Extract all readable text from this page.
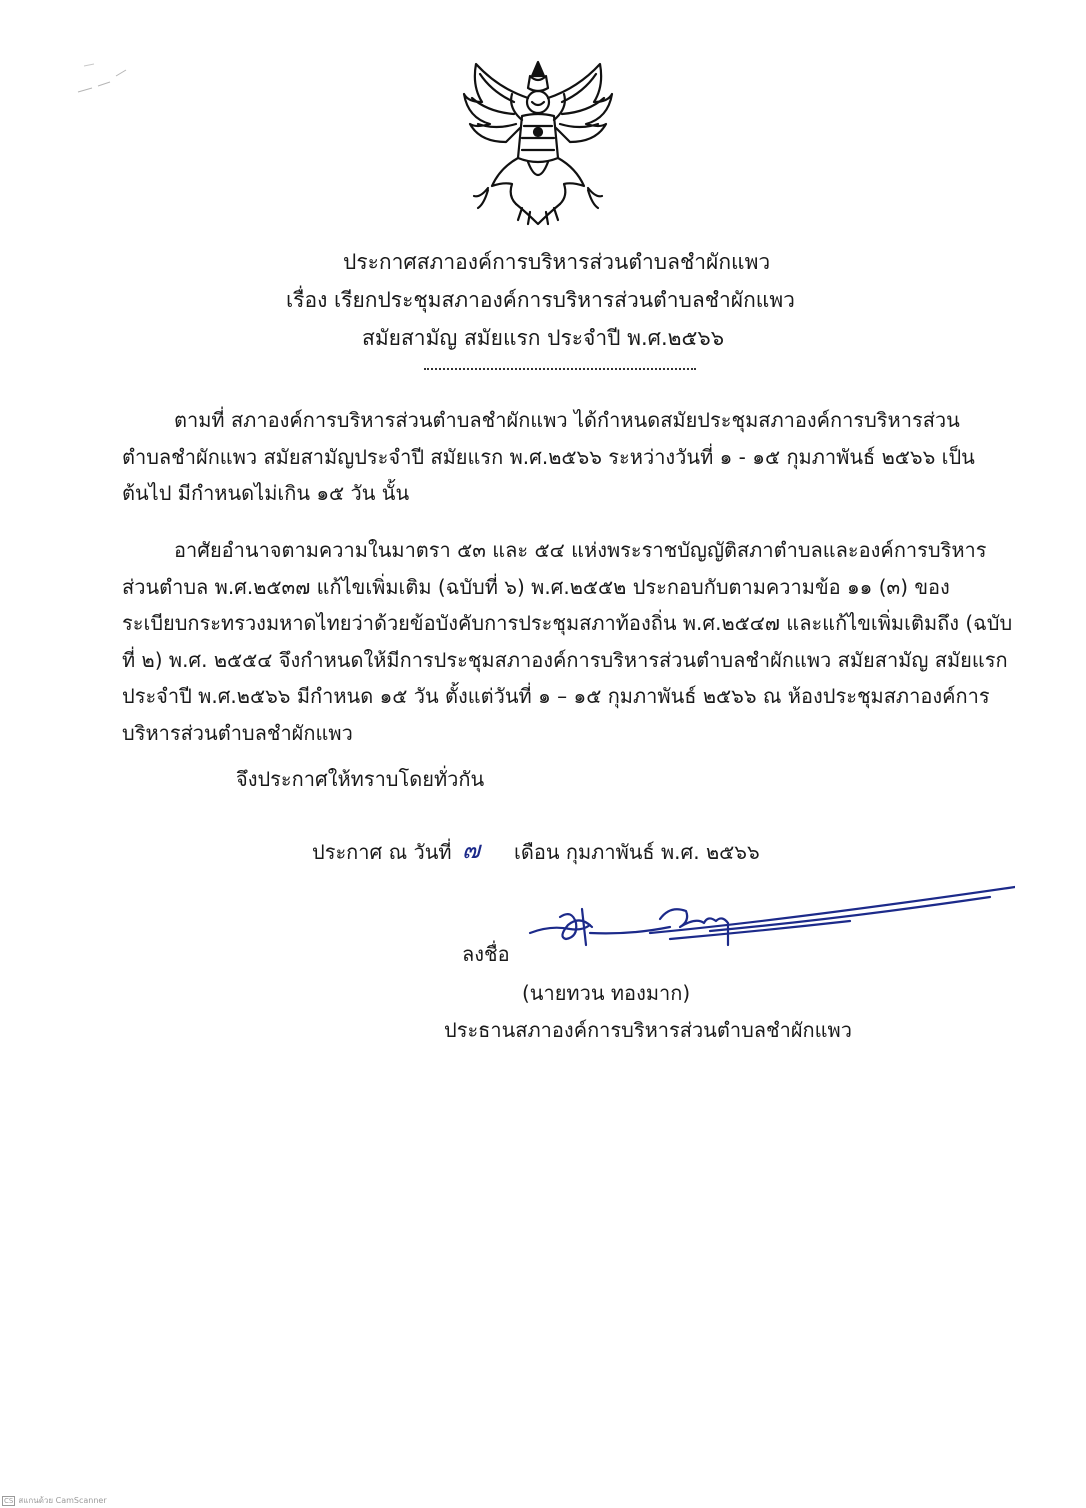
ประกาศสภาองค์การบริหารส่วนตำบลชำผักแพว
เรื่อง เรียกประชุมสภาองค์การบริหารส่วนตำบลชำผักแพว
สมัยสามัญ สมัยแรก ประจำปี พ.ศ.๒๕๖๖
ตามที่ สภาองค์การบริหารส่วนตำบลชำผักแพว ได้กำหนดสมัยประชุมสภาองค์การบริหารส่วน
ตำบลชำผักแพว สมัยสามัญประจำปี สมัยแรก พ.ศ.๒๕๖๖ ระหว่างวันที่ ๑ - ๑๕ กุมภาพันธ์ ๒๕๖๖ เป็น
ต้นไป มีกำหนดไม่เกิน ๑๕ วัน นั้น
อาศัยอำนาจตามความในมาตรา ๕๓ และ ๕๔ แห่งพระราชบัญญัติสภาตำบลและองค์การบริหาร
ส่วนตำบล พ.ศ.๒๕๓๗ แก้ไขเพิ่มเติม (ฉบับที่ ๖) พ.ศ.๒๕๕๒ ประกอบกับตามความข้อ ๑๑ (๓) ของ
ระเบียบกระทรวงมหาดไทยว่าด้วยข้อบังคับการประชุมสภาท้องถิ่น พ.ศ.๒๕๔๗ และแก้ไขเพิ่มเติมถึง (ฉบับ
ที่ ๒) พ.ศ. ๒๕๕๔ จึงกำหนดให้มีการประชุมสภาองค์การบริหารส่วนตำบลชำผักแพว สมัยสามัญ สมัยแรก
ประจำปี พ.ศ.๒๕๖๖ มีกำหนด ๑๕ วัน ตั้งแต่วันที่ ๑ – ๑๕ กุมภาพันธ์ ๒๕๖๖ ณ ห้องประชุมสภาองค์การ
บริหารส่วนตำบลชำผักแพว
จึงประกาศให้ทราบโดยทั่วกัน
ประกาศ ณ วันที่ ๗ เดือน กุมภาพันธ์ พ.ศ. ๒๕๖๖
ลงชื่อ
(นายทวน ทองมาก)
ประธานสภาองค์การบริหารส่วนตำบลชำผักแพว
CS สแกนด้วย CamScanner
